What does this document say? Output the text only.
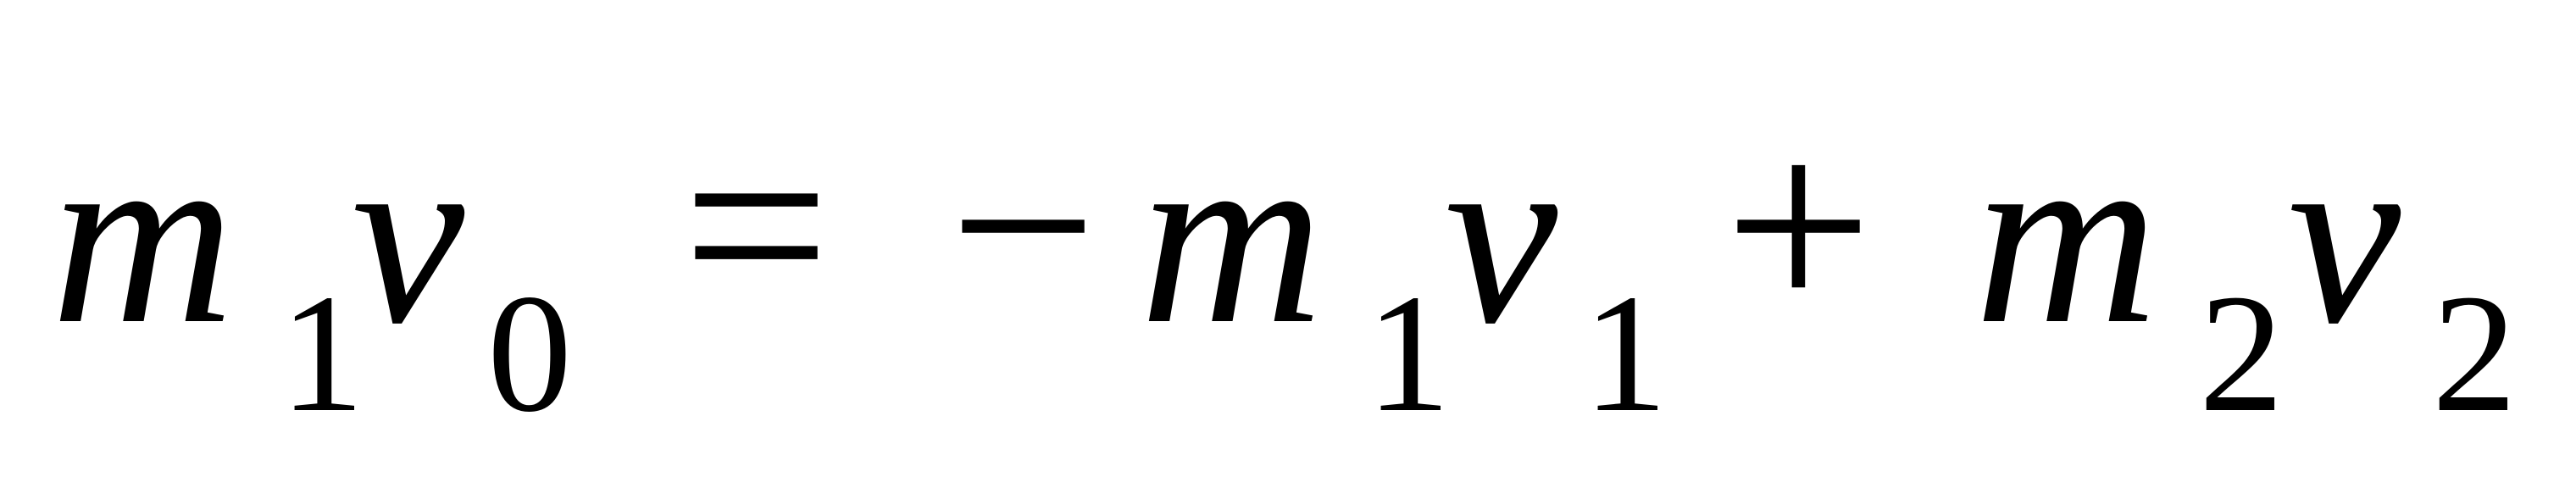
m 1
v 0 = − m 1
v 1 + m 2 v 2
